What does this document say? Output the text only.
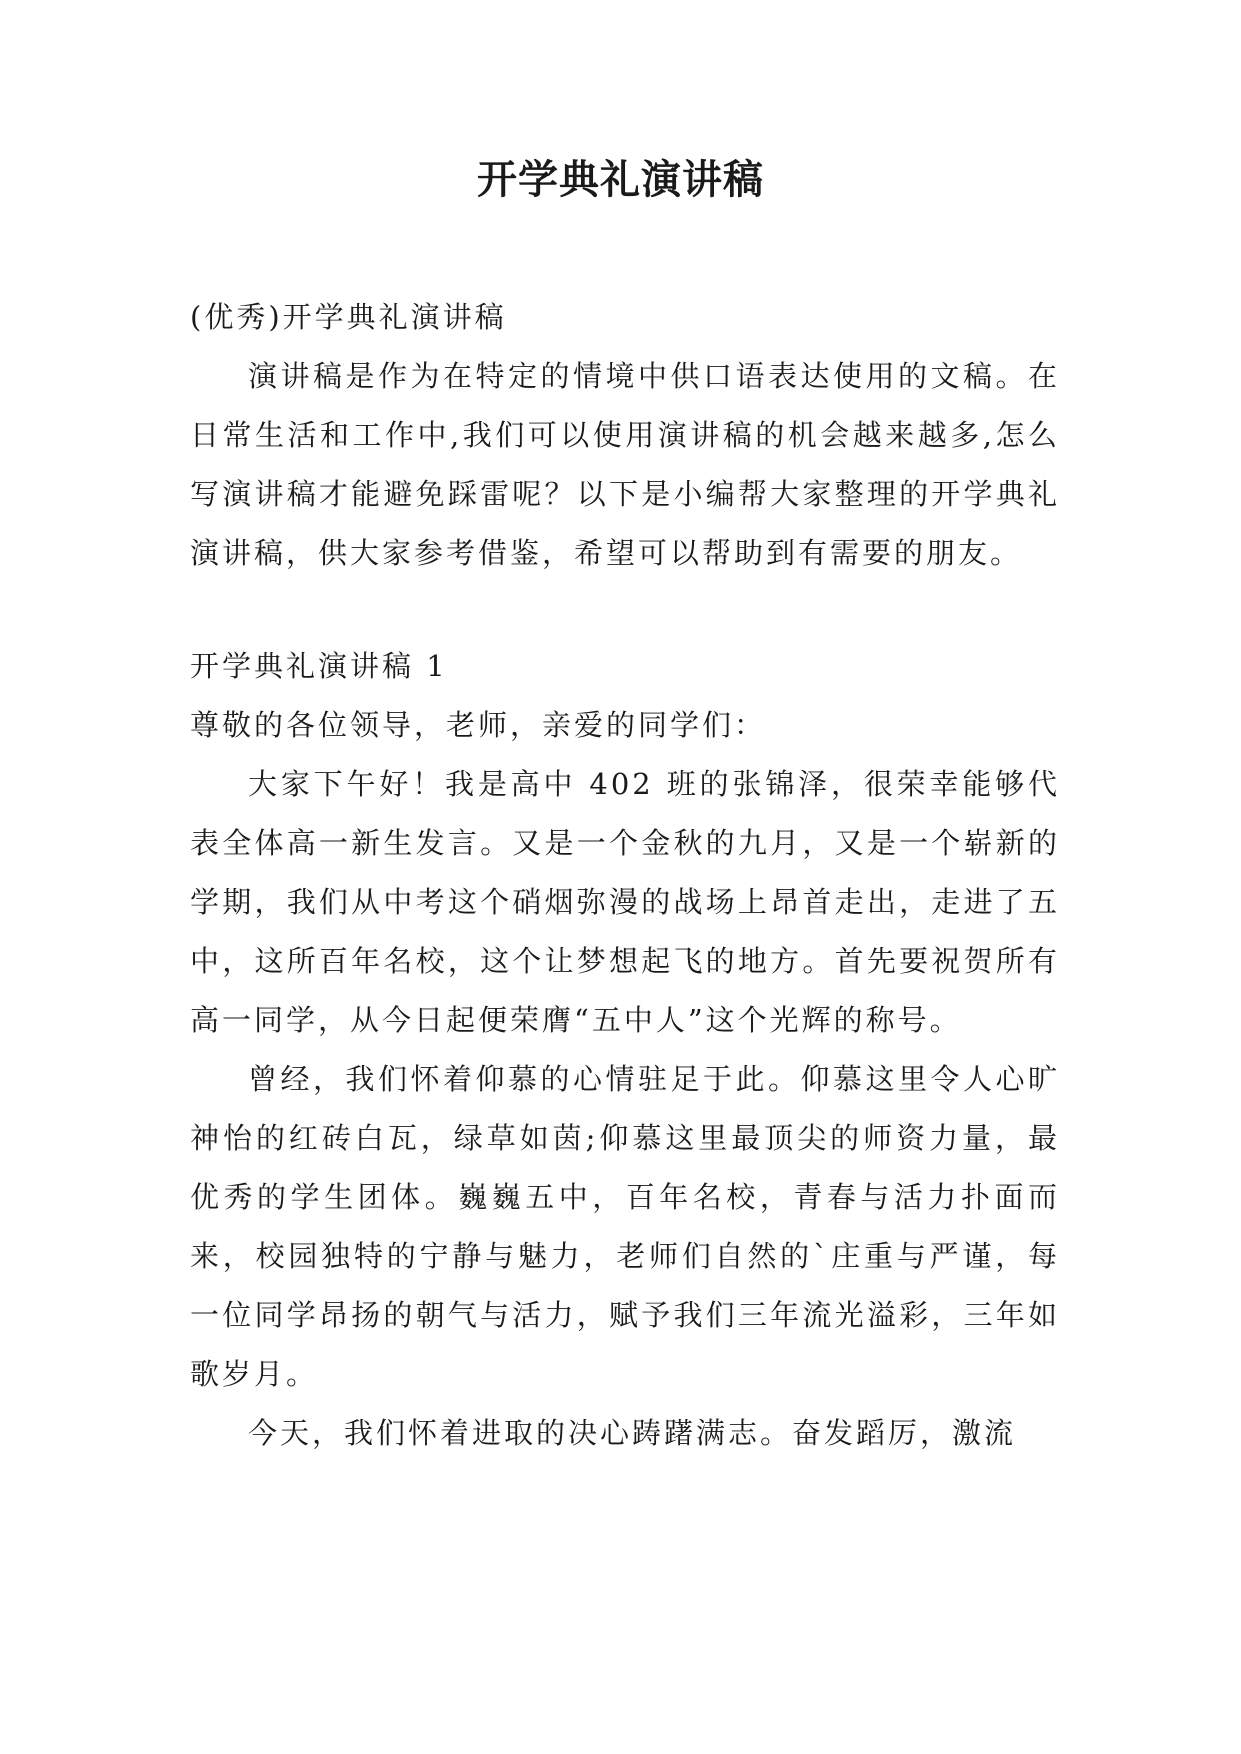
开学典礼演讲稿

(优秀)开学典礼演讲稿

演讲稿是作为在特定的情境中供口语表达使用的文稿。在日常生活和工作中,我们可以使用演讲稿的机会越来越多,怎么写演讲稿才能避免踩雷呢？以下是小编帮大家整理的开学典礼演讲稿，供大家参考借鉴，希望可以帮助到有需要的朋友。

开学典礼演讲稿 1

尊敬的各位领导，老师，亲爱的同学们：

大家下午好！我是高中 402 班的张锦泽，很荣幸能够代表全体高一新生发言。又是一个金秋的九月，又是一个崭新的学期，我们从中考这个硝烟弥漫的战场上昂首走出，走进了五中，这所百年名校，这个让梦想起飞的地方。首先要祝贺所有高一同学，从今日起便荣膺“五中人”这个光辉的称号。

曾经，我们怀着仰慕的心情驻足于此。仰慕这里令人心旷神怡的红砖白瓦，绿草如茵;仰慕这里最顶尖的师资力量，最优秀的学生团体。巍巍五中，百年名校，青春与活力扑面而来，校园独特的宁静与魅力，老师们自然的`庄重与严谨，每一位同学昂扬的朝气与活力，赋予我们三年流光溢彩，三年如歌岁月。

今天，我们怀着进取的决心踌躇满志。奋发蹈厉，激流
